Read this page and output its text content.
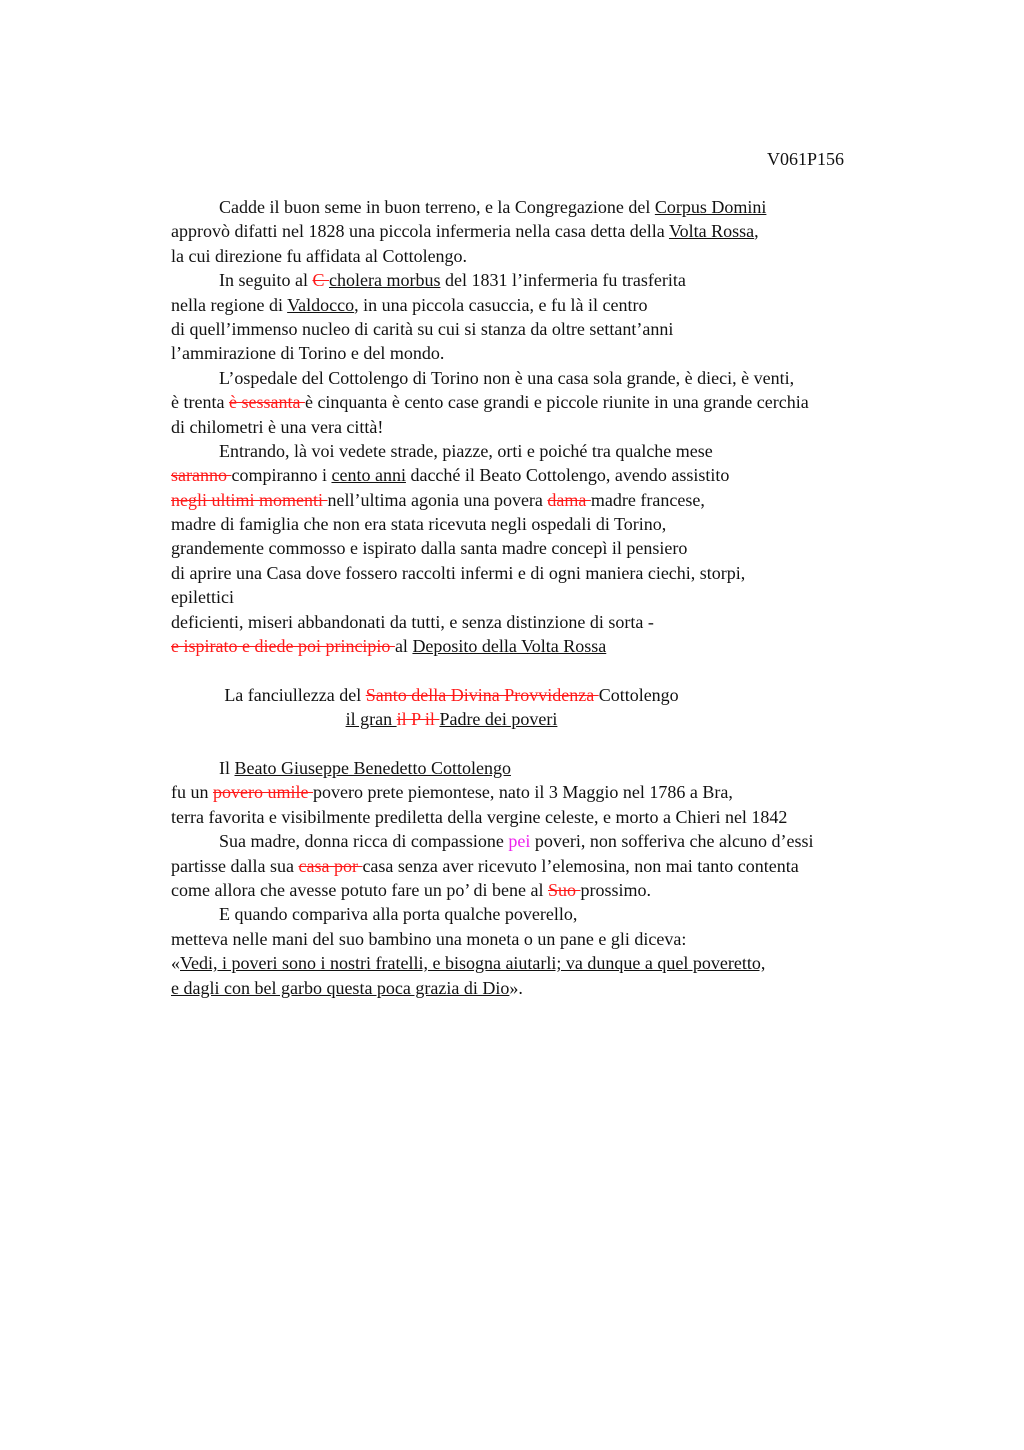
V061P156
Cadde il buon seme in buon terreno, e la Congregazione del Corpus Domini
approvò difatti nel 1828 una piccola infermeria nella casa detta della Volta Rossa,
la cui direzione fu affidata al Cottolengo.
In seguito al C cholera morbus del 1831 l’infermeria fu trasferita
nella regione di Valdocco, in una piccola casuccia, e fu là il centro
di quell’immenso nucleo di carità su cui si stanza da oltre settant’anni
l’ammirazione di Torino e del mondo.
L’ospedale del Cottolengo di Torino non è una casa sola grande, è dieci, è venti,
è trenta è sessanta è cinquanta è cento case grandi e piccole riunite in una grande cerchia
di chilometri è una vera città!
Entrando, là voi vedete strade, piazze, orti e poiché tra qualche mese
saranno compiranno i cento anni dacché il Beato Cottolengo, avendo assistito
negli ultimi momenti nell’ultima agonia una povera dama madre francese,
madre di famiglia che non era stata ricevuta negli ospedali di Torino,
grandemente commosso e ispirato dalla santa madre concepì il pensiero
di aprire una Casa dove fossero raccolti infermi e di ogni maniera ciechi, storpi,
epilettici
deficienti, miseri abbandonati da tutti, e senza distinzione di sorta -
e ispirato e diede poi principio al Deposito della Volta Rossa
La fanciullezza del Santo della Divina Provvidenza Cottolengo
il gran il P il Padre dei poveri
Il Beato Giuseppe Benedetto Cottolengo
fu un povero umile povero prete piemontese, nato il 3 Maggio nel 1786 a Bra,
terra favorita e visibilmente prediletta della vergine celeste, e morto a Chieri nel 1842
Sua madre, donna ricca di compassione pei poveri, non sofferiva che alcuno d’essi
partisse dalla sua casa por casa senza aver ricevuto l’elemosina, non mai tanto contenta
come allora che avesse potuto fare un po’ di bene al Suo prossimo.
E quando compariva alla porta qualche poverello,
metteva nelle mani del suo bambino una moneta o un pane e gli diceva:
«Vedi, i poveri sono i nostri fratelli, e bisogna aiutarli; va dunque a quel poveretto,
e dagli con bel garbo questa poca grazia di Dio».
